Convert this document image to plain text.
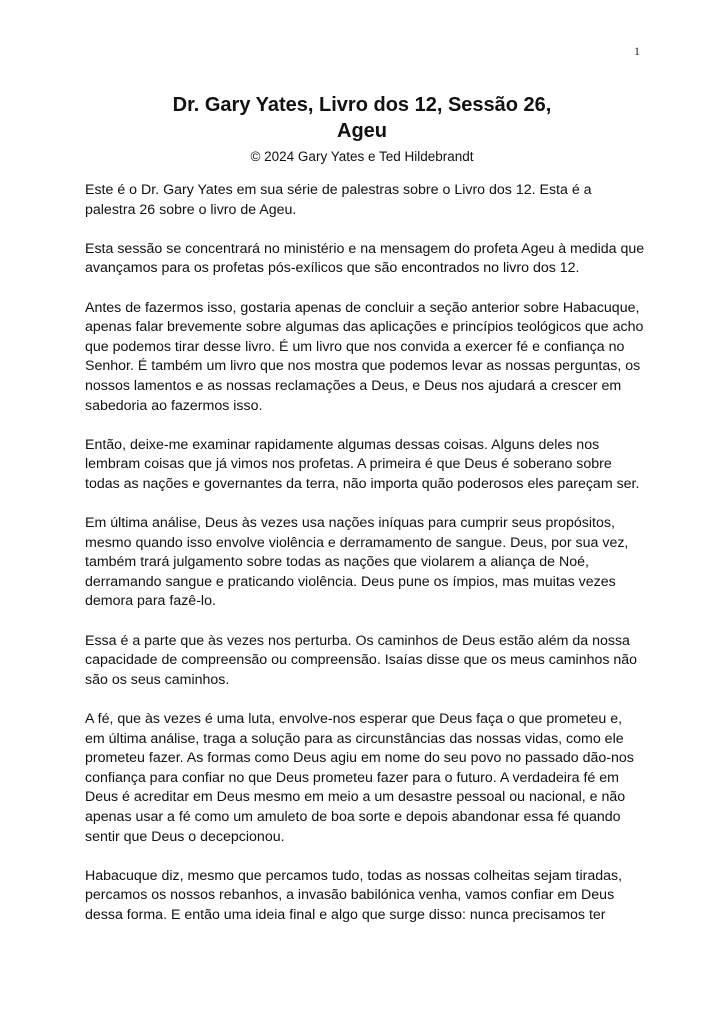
1
Dr. Gary Yates, Livro dos 12, Sessão 26,
Ageu
© 2024 Gary Yates e Ted Hildebrandt

Este é o Dr. Gary Yates em sua série de palestras sobre o Livro dos 12. Esta é a palestra 26 sobre o livro de Ageu.

Esta sessão se concentrará no ministério e na mensagem do profeta Ageu à medida que avançamos para os profetas pós-exílicos que são encontrados no livro dos 12.

Antes de fazermos isso, gostaria apenas de concluir a seção anterior sobre Habacuque, apenas falar brevemente sobre algumas das aplicações e princípios teológicos que acho que podemos tirar desse livro. É um livro que nos convida a exercer fé e confiança no Senhor. É também um livro que nos mostra que podemos levar as nossas perguntas, os nossos lamentos e as nossas reclamações a Deus, e Deus nos ajudará a crescer em sabedoria ao fazermos isso.

Então, deixe-me examinar rapidamente algumas dessas coisas. Alguns deles nos lembram coisas que já vimos nos profetas. A primeira é que Deus é soberano sobre todas as nações e governantes da terra, não importa quão poderosos eles pareçam ser.

Em última análise, Deus às vezes usa nações iníquas para cumprir seus propósitos, mesmo quando isso envolve violência e derramamento de sangue. Deus, por sua vez, também trará julgamento sobre todas as nações que violarem a aliança de Noé, derramando sangue e praticando violência. Deus pune os ímpios, mas muitas vezes demora para fazê-lo.

Essa é a parte que às vezes nos perturba. Os caminhos de Deus estão além da nossa capacidade de compreensão ou compreensão. Isaías disse que os meus caminhos não são os seus caminhos.

A fé, que às vezes é uma luta, envolve-nos esperar que Deus faça o que prometeu e, em última análise, traga a solução para as circunstâncias das nossas vidas, como ele prometeu fazer. As formas como Deus agiu em nome do seu povo no passado dão-nos confiança para confiar no que Deus prometeu fazer para o futuro. A verdadeira fé em Deus é acreditar em Deus mesmo em meio a um desastre pessoal ou nacional, e não apenas usar a fé como um amuleto de boa sorte e depois abandonar essa fé quando sentir que Deus o decepcionou.

Habacuque diz, mesmo que percamos tudo, todas as nossas colheitas sejam tiradas, percamos os nossos rebanhos, a invasão babilónica venha, vamos confiar em Deus dessa forma. E então uma ideia final e algo que surge disso: nunca precisamos ter
